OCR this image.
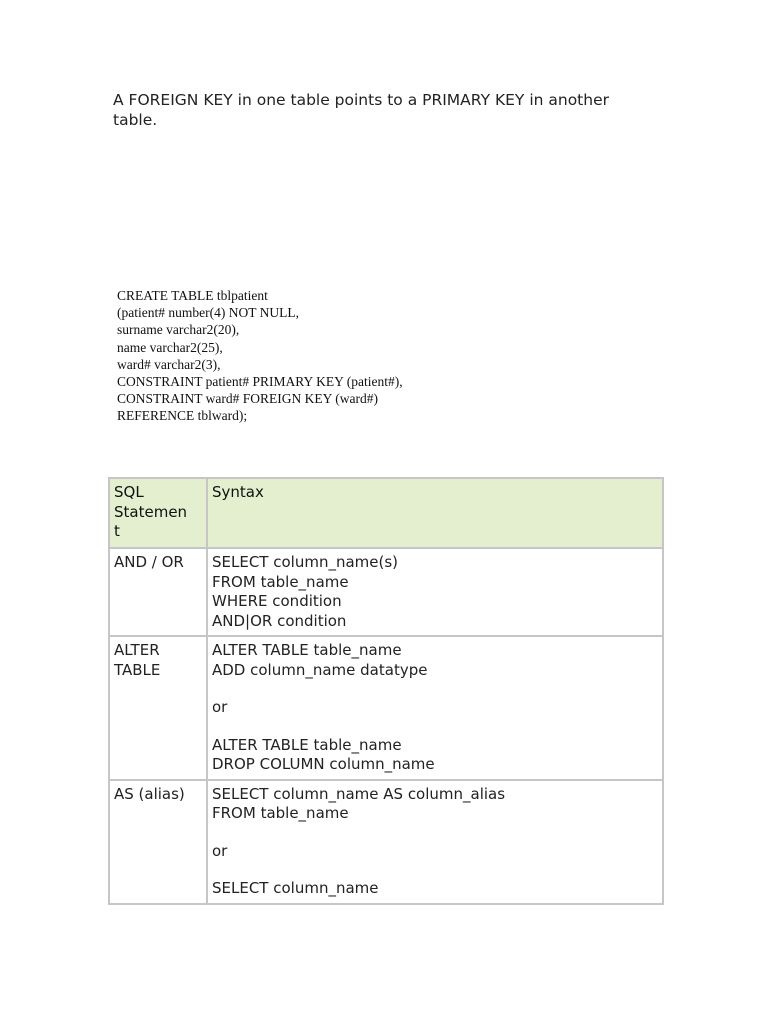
A FOREIGN KEY in one table points to a PRIMARY KEY in another
table.

CREATE TABLE tblpatient
(patient# number(4) NOT NULL,
surname varchar2(20),
name varchar2(25),
ward# varchar2(3),
CONSTRAINT patient# PRIMARY KEY (patient#),
CONSTRAINT ward# FOREIGN KEY (ward#)
REFERENCE tblward);
SQL
Statemen
t	Syntax

AND / OR	SELECT column_name(s)
FROM table_name
WHERE condition
AND|OR condition

ALTER
TABLE	ALTER TABLE table_name
ADD column_name datatype
or
ALTER TABLE table_name
DROP COLUMN column_name

AS (alias)	SELECT column_name AS column_alias
FROM table_name
or
SELECT column_name
